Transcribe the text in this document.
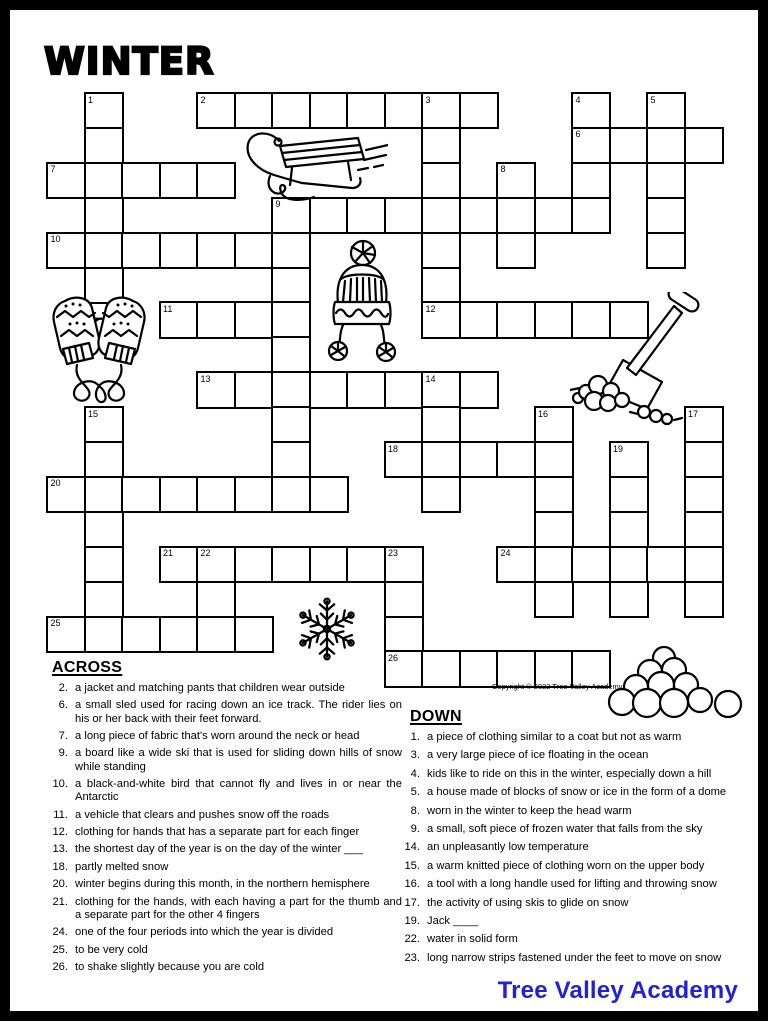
WINTER
1	2	3	4	5
6
7	8
9
10
11	12
13	14
15	16	17
18	19
20
21	22	23	24
25
26
Copyright © 2022 Tree Valley Academy
ACROSS
2. a jacket and matching pants that children wear outside
6. a small sled used for racing down an ice track. The rider lies on his or her back with their feet forward.
7. a long piece of fabric that's worn around the neck or head
9. a board like a wide ski that is used for sliding down hills of snow while standing
10. a black-and-white bird that cannot fly and lives in or near the Antarctic
11. a vehicle that clears and pushes snow off the roads
12. clothing for hands that has a separate part for each finger
13. the shortest day of the year is on the day of the winter ___
18. partly melted snow
20. winter begins during this month, in the northern hemisphere
21. clothing for the hands, with each having a part for the thumb and a separate part for the other 4 fingers
24. one of the four periods into which the year is divided
25. to be very cold
26. to shake slightly because you are cold
DOWN
1. a piece of clothing similar to a coat but not as warm
3. a very large piece of ice floating in the ocean
4. kids like to ride on this in the winter, especially down a hill
5. a house made of blocks of snow or ice in the form of a dome
8. worn in the winter to keep the head warm
9. a small, soft piece of frozen water that falls from the sky
14. an unpleasantly low temperature
15. a warm knitted piece of clothing worn on the upper body
16. a tool with a long handle used for lifting and throwing snow
17. the activity of using skis to glide on snow
19. Jack ____
22. water in solid form
23. long narrow strips fastened under the feet to move on snow
Tree Valley Academy
